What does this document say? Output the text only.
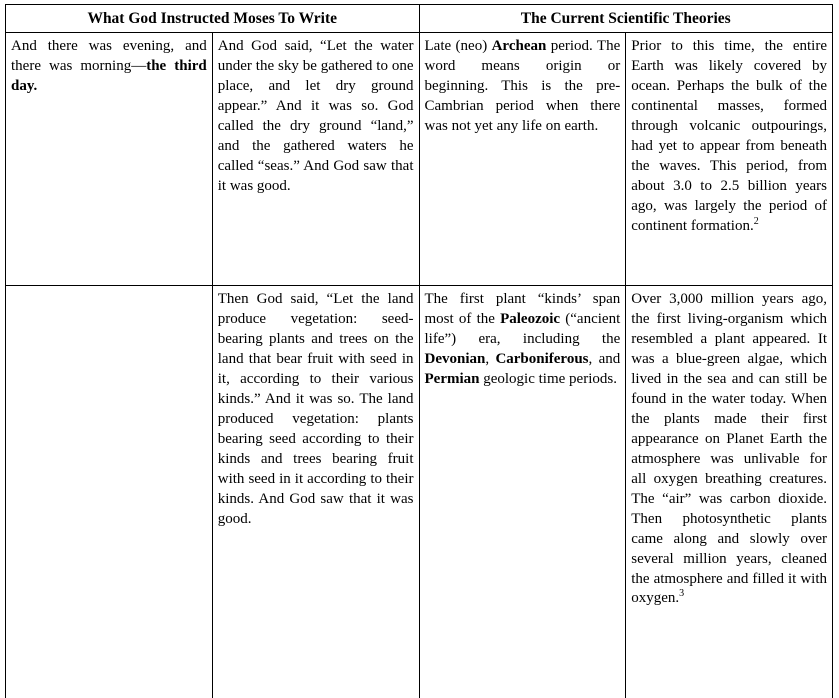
What God Instructed Moses To Write		The Current Scientific Theories	
And there was evening, and there was morning—the third day.	And God said, “Let the water under the sky be gathered to one place, and let dry ground appear.” And it was so. God called the dry ground “land,” and the gathered waters he called “seas.” And God saw that it was good.	Late (neo) Archean period. The word means origin or beginning. This is the pre-Cambrian period when there was not yet any life on earth.	Prior to this time, the entire Earth was likely covered by ocean. Perhaps the bulk of the continental masses, formed through volcanic outpourings, had yet to appear from beneath the waves. This period, from about 3.0 to 2.5 billion years ago, was largely the period of continent formation.$^2$
	Then God said, “Let the land produce vegetation: seed-bearing plants and trees on the land that bear fruit with seed in it, according to their various kinds.” And it was so. The land produced vegetation: plants bearing seed according to their kinds and trees bearing fruit with seed in it according to their kinds. And God saw that it was good.	The first plant “kinds’ span most of the Paleozoic (“ancient life”) era, including the Devonian, Carboniferous, and Permian geologic time periods.	Over 3,000 million years ago, the first living-organism which resembled a plant appeared. It was a blue-green algae, which lived in the sea and can still be found in the water today. When the plants made their first appearance on Planet Earth the atmosphere was unlivable for all oxygen breathing creatures. The “air” was carbon dioxide. Then photosynthetic plants came along and slowly over several million years, cleaned the atmosphere and filled it with oxygen.$^3$
